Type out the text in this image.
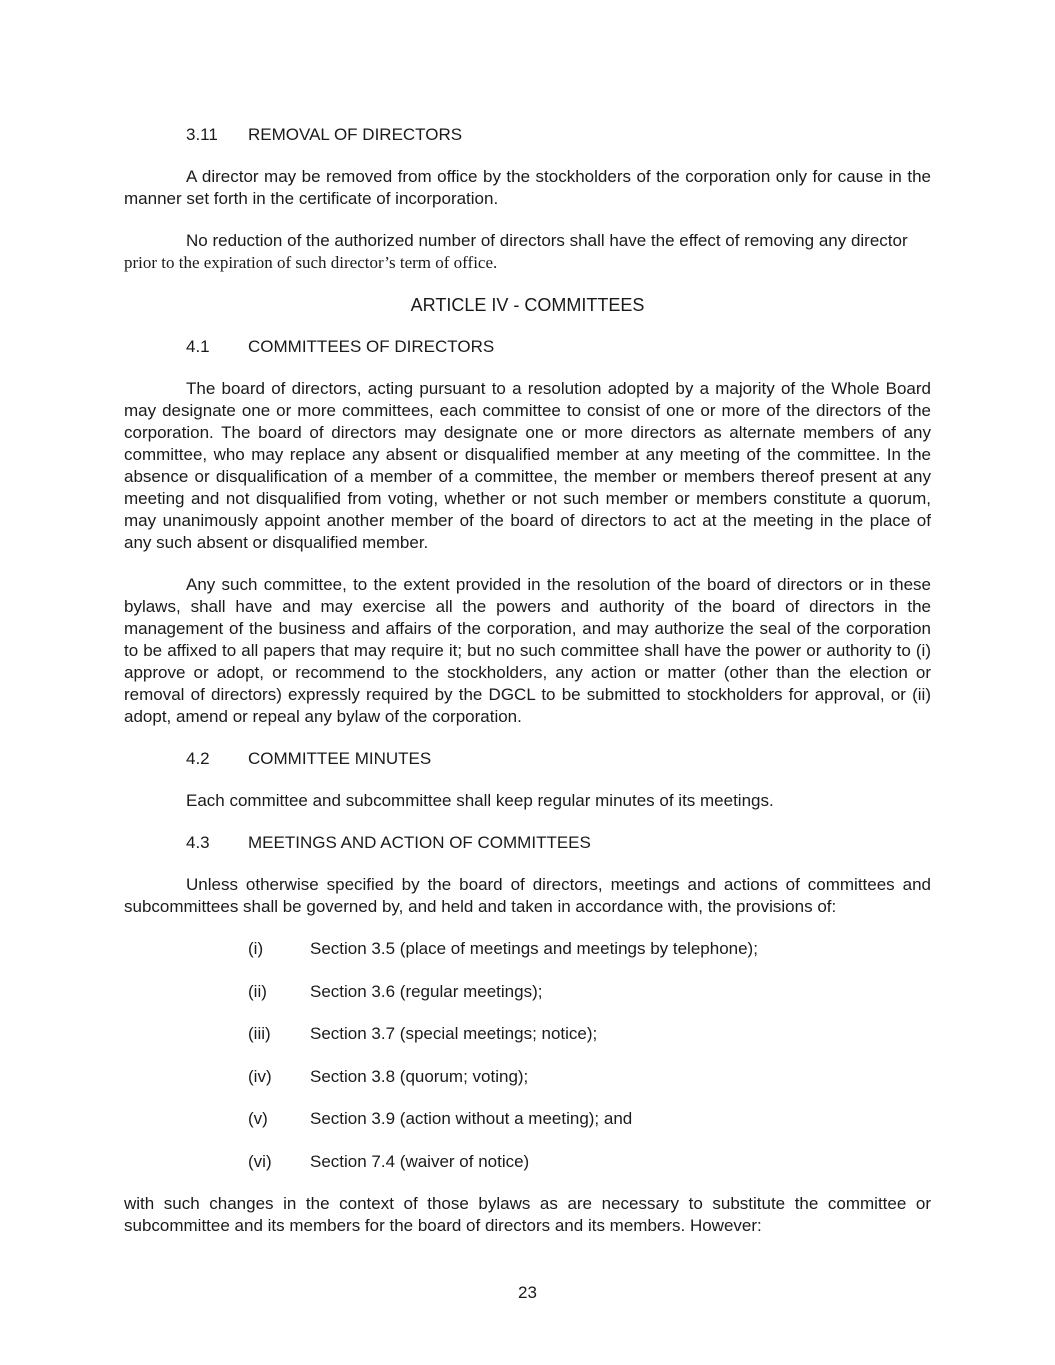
3.11	REMOVAL OF DIRECTORS

A director may be removed from office by the stockholders of the corporation only for cause in the manner set forth in the certificate of incorporation.

No reduction of the authorized number of directors shall have the effect of removing any director
prior to the expiration of such director’s term of office.

ARTICLE IV - COMMITTEES
4.1	COMMITTEES OF DIRECTORS

The board of directors, acting pursuant to a resolution adopted by a majority of the Whole Board may designate one or more committees, each committee to consist of one or more of the directors of the corporation. The board of directors may designate one or more directors as alternate members of any committee, who may replace any absent or disqualified member at any meeting of the committee. In the absence or disqualification of a member of a committee, the member or members thereof present at any meeting and not disqualified from voting, whether or not such member or members constitute a quorum, may unanimously appoint another member of the board of directors to act at the meeting in the place of any such absent or disqualified member.

Any such committee, to the extent provided in the resolution of the board of directors or in these bylaws, shall have and may exercise all the powers and authority of the board of directors in the management of the business and affairs of the corporation, and may authorize the seal of the corporation to be affixed to all papers that may require it; but no such committee shall have the power or authority to (i) approve or adopt, or recommend to the stockholders, any action or matter (other than the election or removal of directors) expressly required by the DGCL to be submitted to stockholders for approval, or (ii) adopt, amend or repeal any bylaw of the corporation.

4.2	COMMITTEE MINUTES

Each committee and subcommittee shall keep regular minutes of its meetings.

4.3	MEETINGS AND ACTION OF COMMITTEES

Unless otherwise specified by the board of directors, meetings and actions of committees and subcommittees shall be governed by, and held and taken in accordance with, the provisions of:

(i)	Section 3.5 (place of meetings and meetings by telephone);
(ii)	Section 3.6 (regular meetings);
(iii)	Section 3.7 (special meetings; notice);
(iv)	Section 3.8 (quorum; voting);
(v)	Section 3.9 (action without a meeting); and
(vi)	Section 7.4 (waiver of notice)

with such changes in the context of those bylaws as are necessary to substitute the committee or subcommittee and its members for the board of directors and its members. However:

23
